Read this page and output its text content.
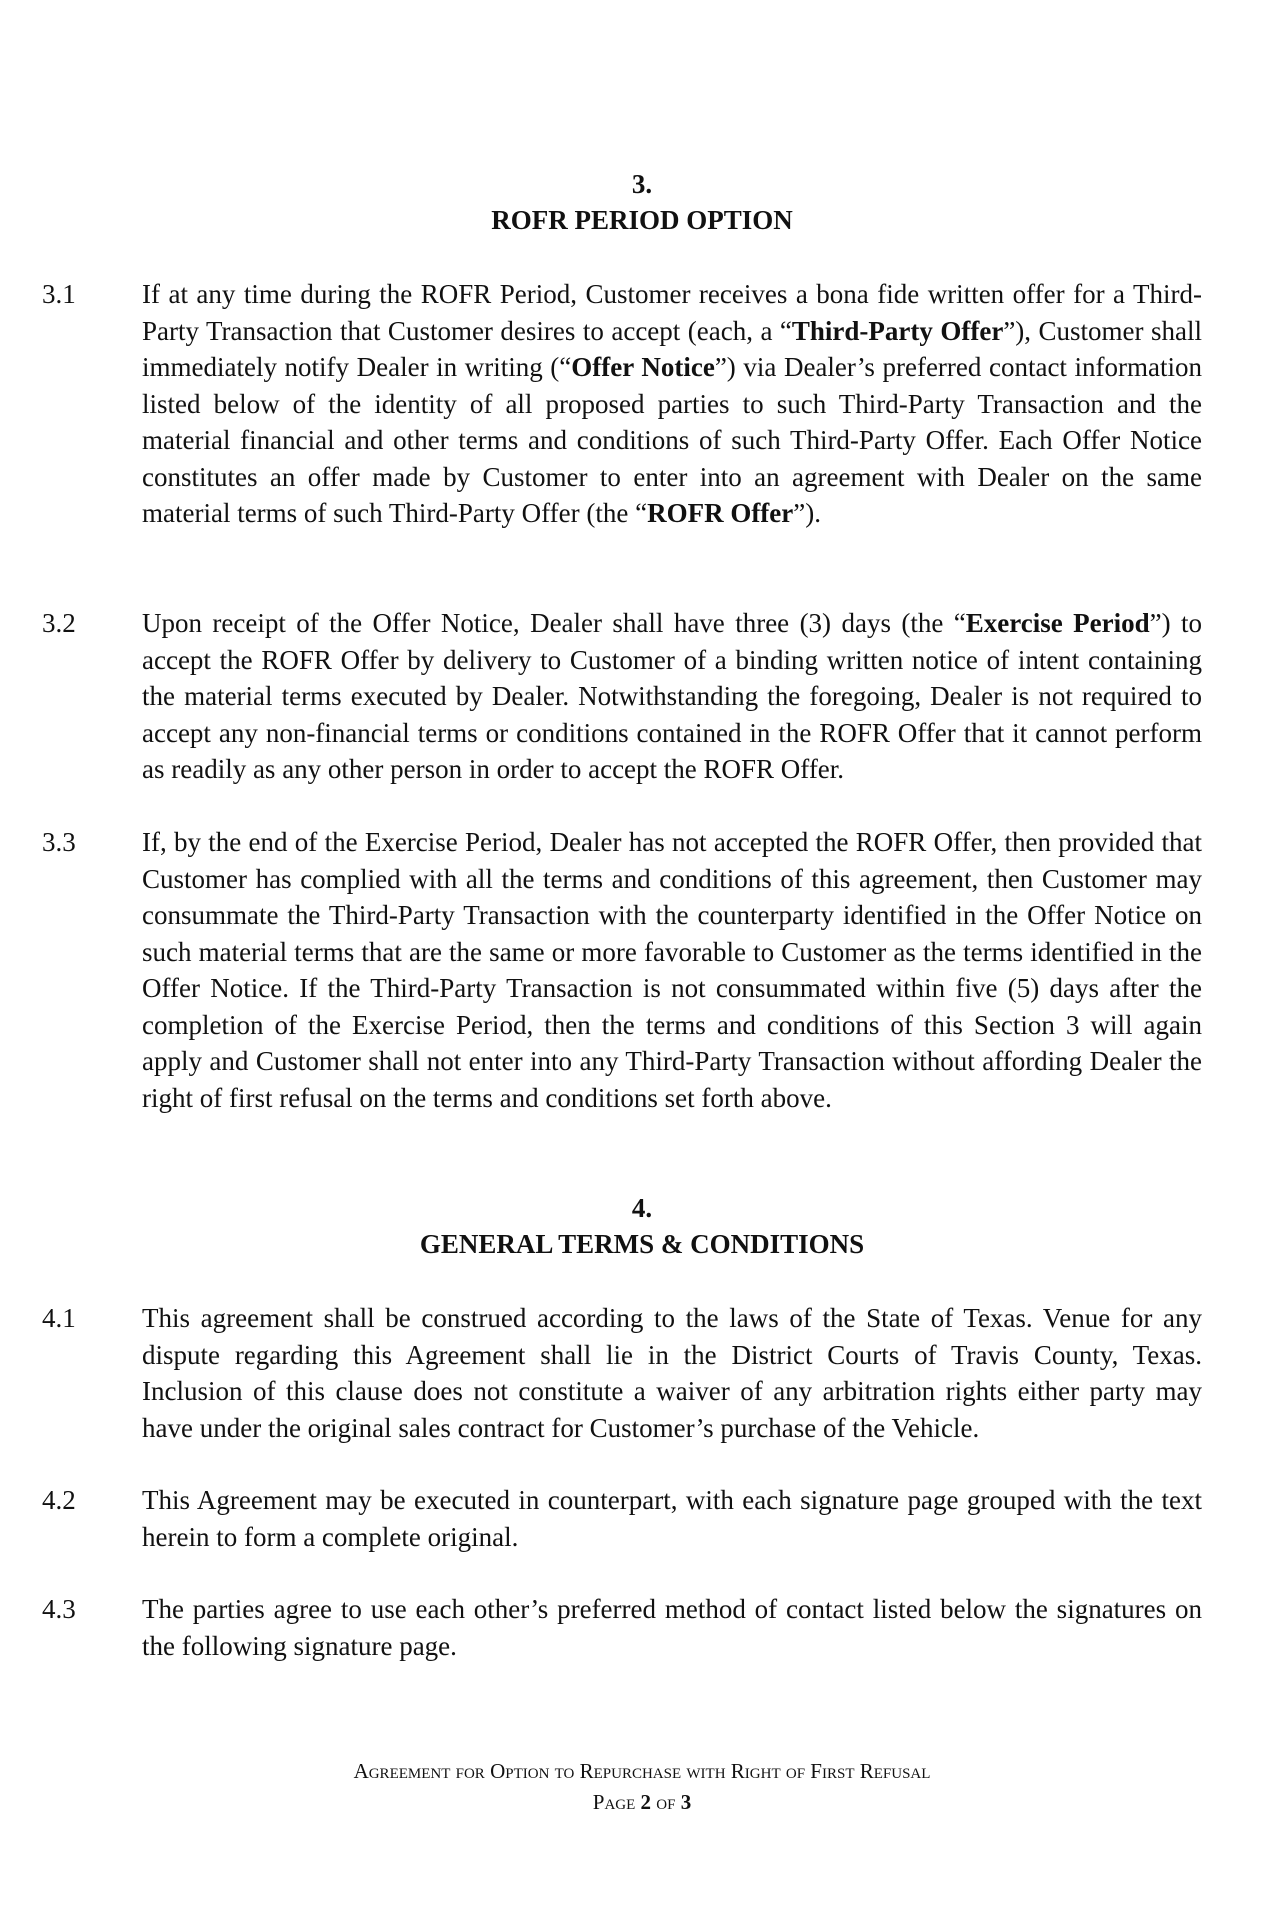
3.
ROFR PERIOD OPTION
3.1 If at any time during the ROFR Period, Customer receives a bona fide written offer for a Third-Party Transaction that Customer desires to accept (each, a “Third-Party Offer”), Customer shall immediately notify Dealer in writing (“Offer Notice”) via Dealer’s preferred contact information listed below of the identity of all proposed parties to such Third-Party Transaction and the material financial and other terms and conditions of such Third-Party Offer. Each Offer Notice constitutes an offer made by Customer to enter into an agreement with Dealer on the same material terms of such Third-Party Offer (the “ROFR Offer”).
3.2 Upon receipt of the Offer Notice, Dealer shall have three (3) days (the “Exercise Period”) to accept the ROFR Offer by delivery to Customer of a binding written notice of intent containing the material terms executed by Dealer. Notwithstanding the foregoing, Dealer is not required to accept any non-financial terms or conditions contained in the ROFR Offer that it cannot perform as readily as any other person in order to accept the ROFR Offer.
3.3 If, by the end of the Exercise Period, Dealer has not accepted the ROFR Offer, then provided that Customer has complied with all the terms and conditions of this agreement, then Customer may consummate the Third-Party Transaction with the counterparty identified in the Offer Notice on such material terms that are the same or more favorable to Customer as the terms identified in the Offer Notice. If the Third-Party Transaction is not consummated within five (5) days after the completion of the Exercise Period, then the terms and conditions of this Section 3 will again apply and Customer shall not enter into any Third-Party Transaction without affording Dealer the right of first refusal on the terms and conditions set forth above.
4.
GENERAL TERMS & CONDITIONS
4.1 This agreement shall be construed according to the laws of the State of Texas. Venue for any dispute regarding this Agreement shall lie in the District Courts of Travis County, Texas. Inclusion of this clause does not constitute a waiver of any arbitration rights either party may have under the original sales contract for Customer’s purchase of the Vehicle.
4.2 This Agreement may be executed in counterpart, with each signature page grouped with the text herein to form a complete original.
4.3 The parties agree to use each other’s preferred method of contact listed below the signatures on the following signature page.
Agreement for Option to Repurchase with Right of First Refusal
Page 2 of 3
